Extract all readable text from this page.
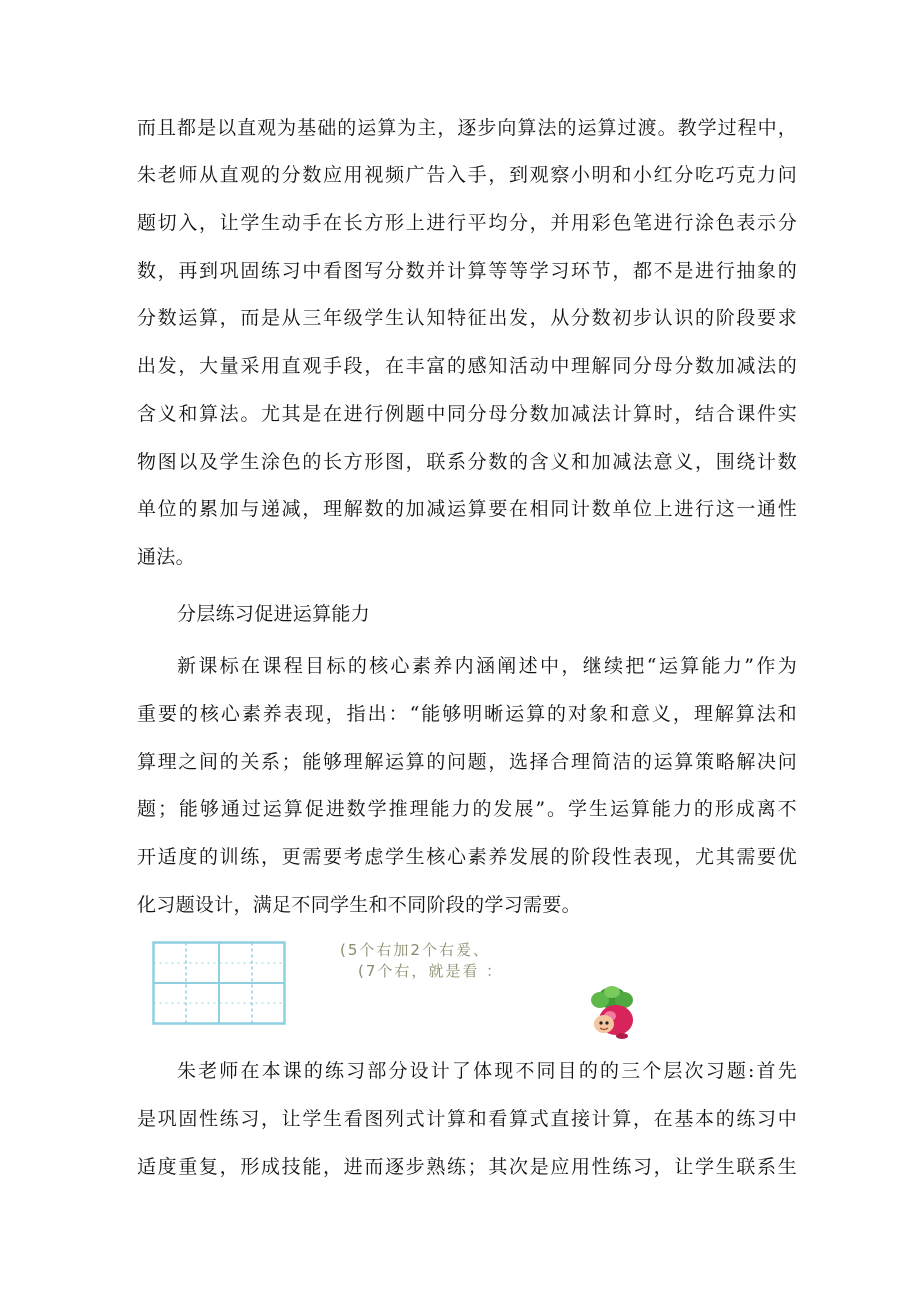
而且都是以直观为基础的运算为主，逐步向算法的运算过渡。教学过程中，
朱老师从直观的分数应用视频广告入手，到观察小明和小红分吃巧克力问
题切入，让学生动手在长方形上进行平均分，并用彩色笔进行涂色表示分
数，再到巩固练习中看图写分数并计算等等学习环节，都不是进行抽象的
分数运算，而是从三年级学生认知特征出发，从分数初步认识的阶段要求
出发，大量采用直观手段，在丰富的感知活动中理解同分母分数加减法的
含义和算法。尤其是在进行例题中同分母分数加减法计算时，结合课件实
物图以及学生涂色的长方形图，联系分数的含义和加减法意义，围绕计数
单位的累加与递减，理解数的加减运算要在相同计数单位上进行这一通性
通法。
分层练习促进运算能力
新课标在课程目标的核心素养内涵阐述中，继续把“运算能力”作为
重要的核心素养表现，指出：“能够明晰运算的对象和意义，理解算法和
算理之间的关系；能够理解运算的问题，选择合理简洁的运算策略解决问
题；能够通过运算促进数学推理能力的发展”。学生运算能力的形成离不
开适度的训练，更需要考虑学生核心素养发展的阶段性表现，尤其需要优
化习题设计，满足不同学生和不同阶段的学习需要。
(5个右加2个右爰、
(7个右，就是看 ：
朱老师在本课的练习部分设计了体现不同目的的三个层次习题:首先
是巩固性练习，让学生看图列式计算和看算式直接计算，在基本的练习中
适度重复，形成技能，进而逐步熟练；其次是应用性练习，让学生联系生
